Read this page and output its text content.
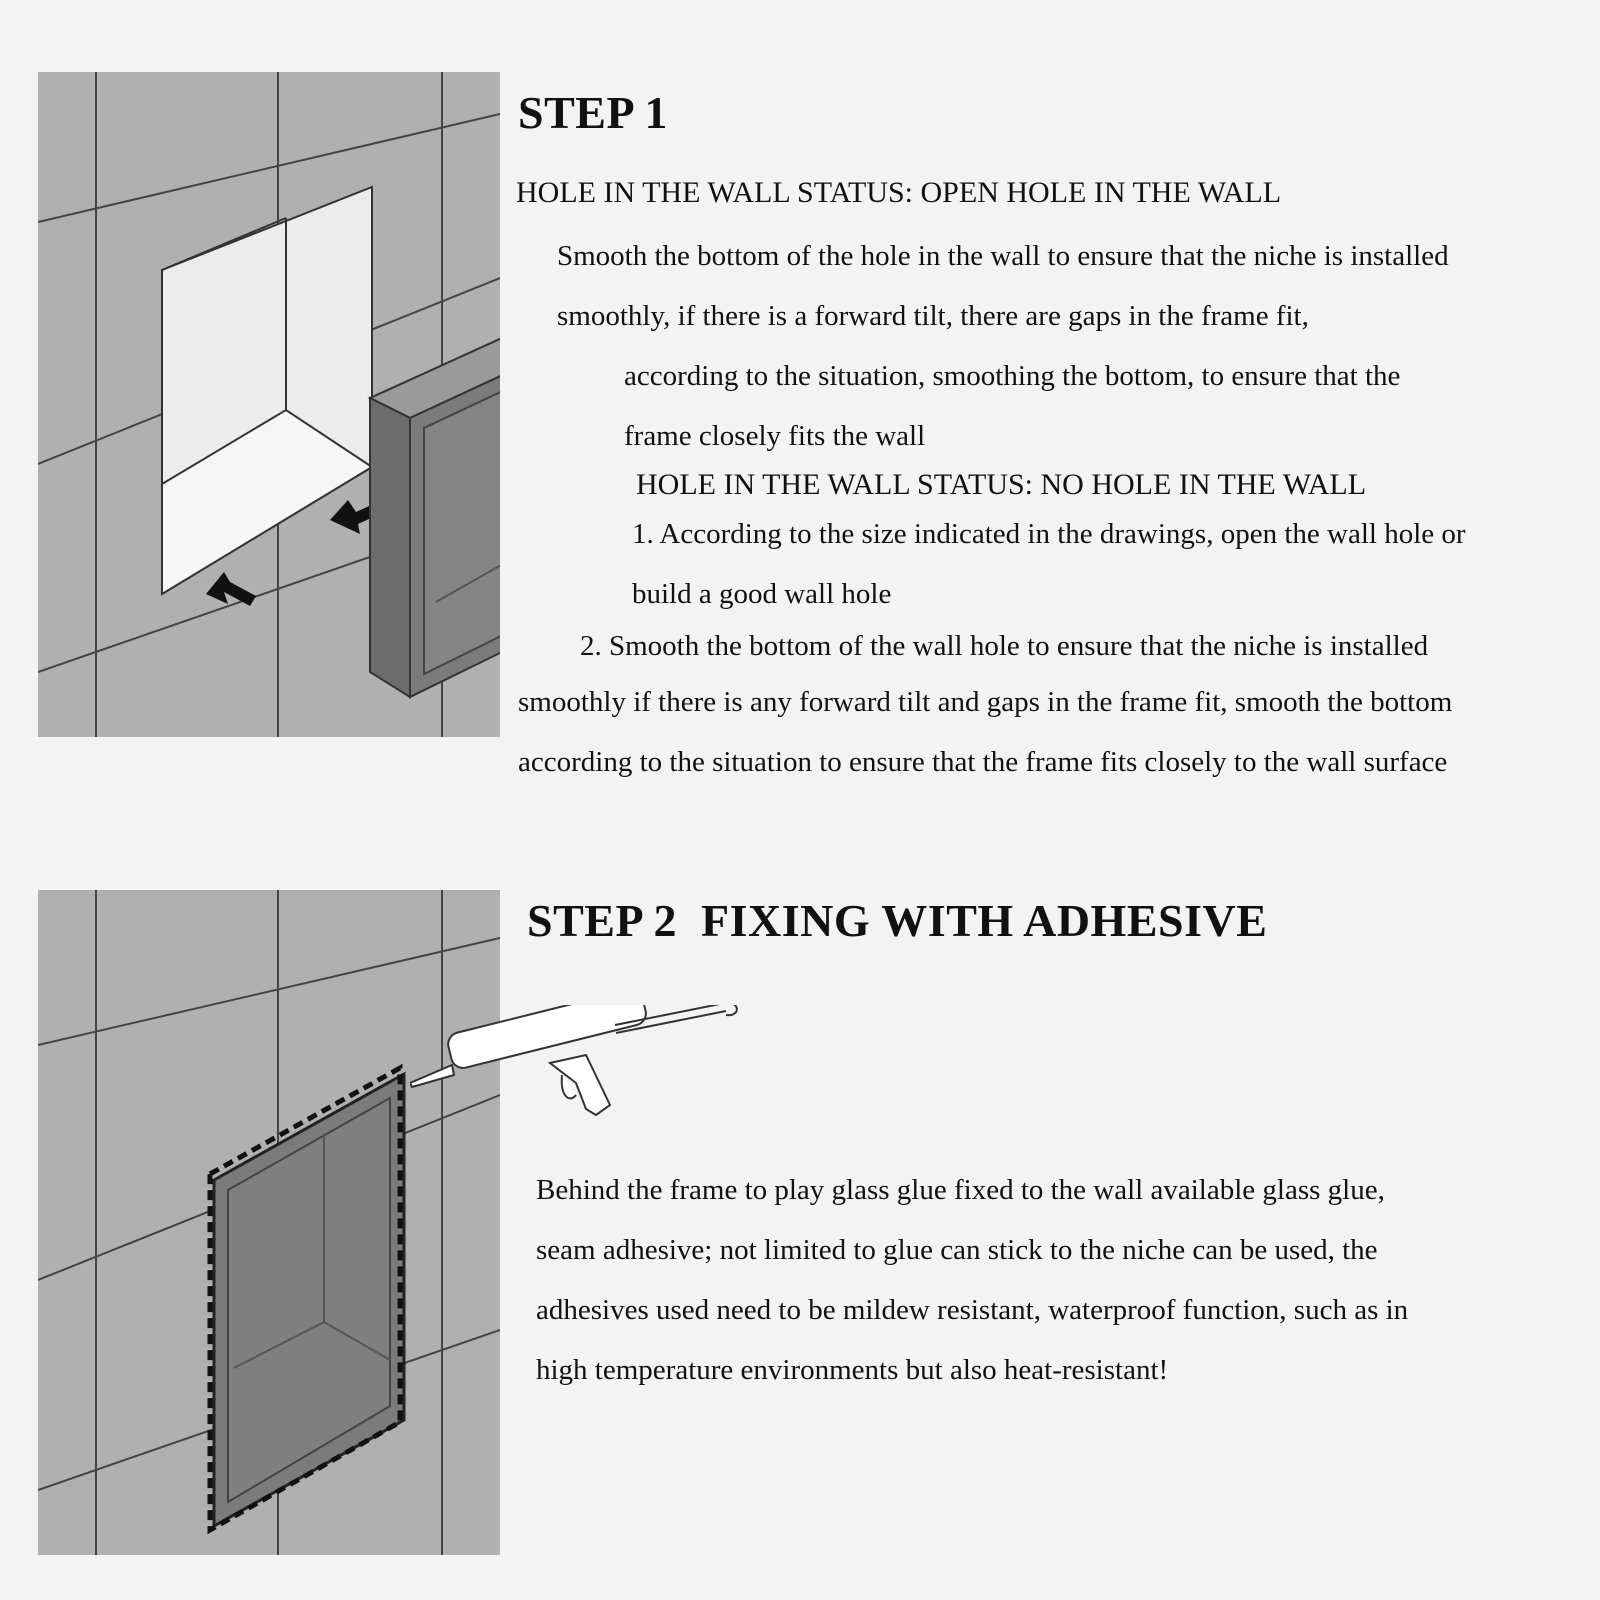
STEP 1
HOLE IN THE WALL STATUS: OPEN HOLE IN THE WALL
Smooth the bottom of the hole in the wall to ensure that the niche is installed
smoothly, if there is a forward tilt, there are gaps in the frame fit,
according to the situation, smoothing the bottom, to ensure that the
frame closely fits the wall
HOLE IN THE WALL STATUS: NO HOLE IN THE WALL
1. According to the size indicated in the drawings, open the wall hole or
build a good wall hole
2. Smooth the bottom of the wall hole to ensure that the niche is installed
smoothly if there is any forward tilt and gaps in the frame fit, smooth the bottom
according to the situation to ensure that the frame fits closely to the wall surface
STEP 2  FIXING WITH ADHESIVE
Behind the frame to play glass glue fixed to the wall available glass glue,
seam adhesive; not limited to glue can stick to the niche can be used, the
adhesives used need to be mildew resistant, waterproof function, such as in
high temperature environments but also heat-resistant!
